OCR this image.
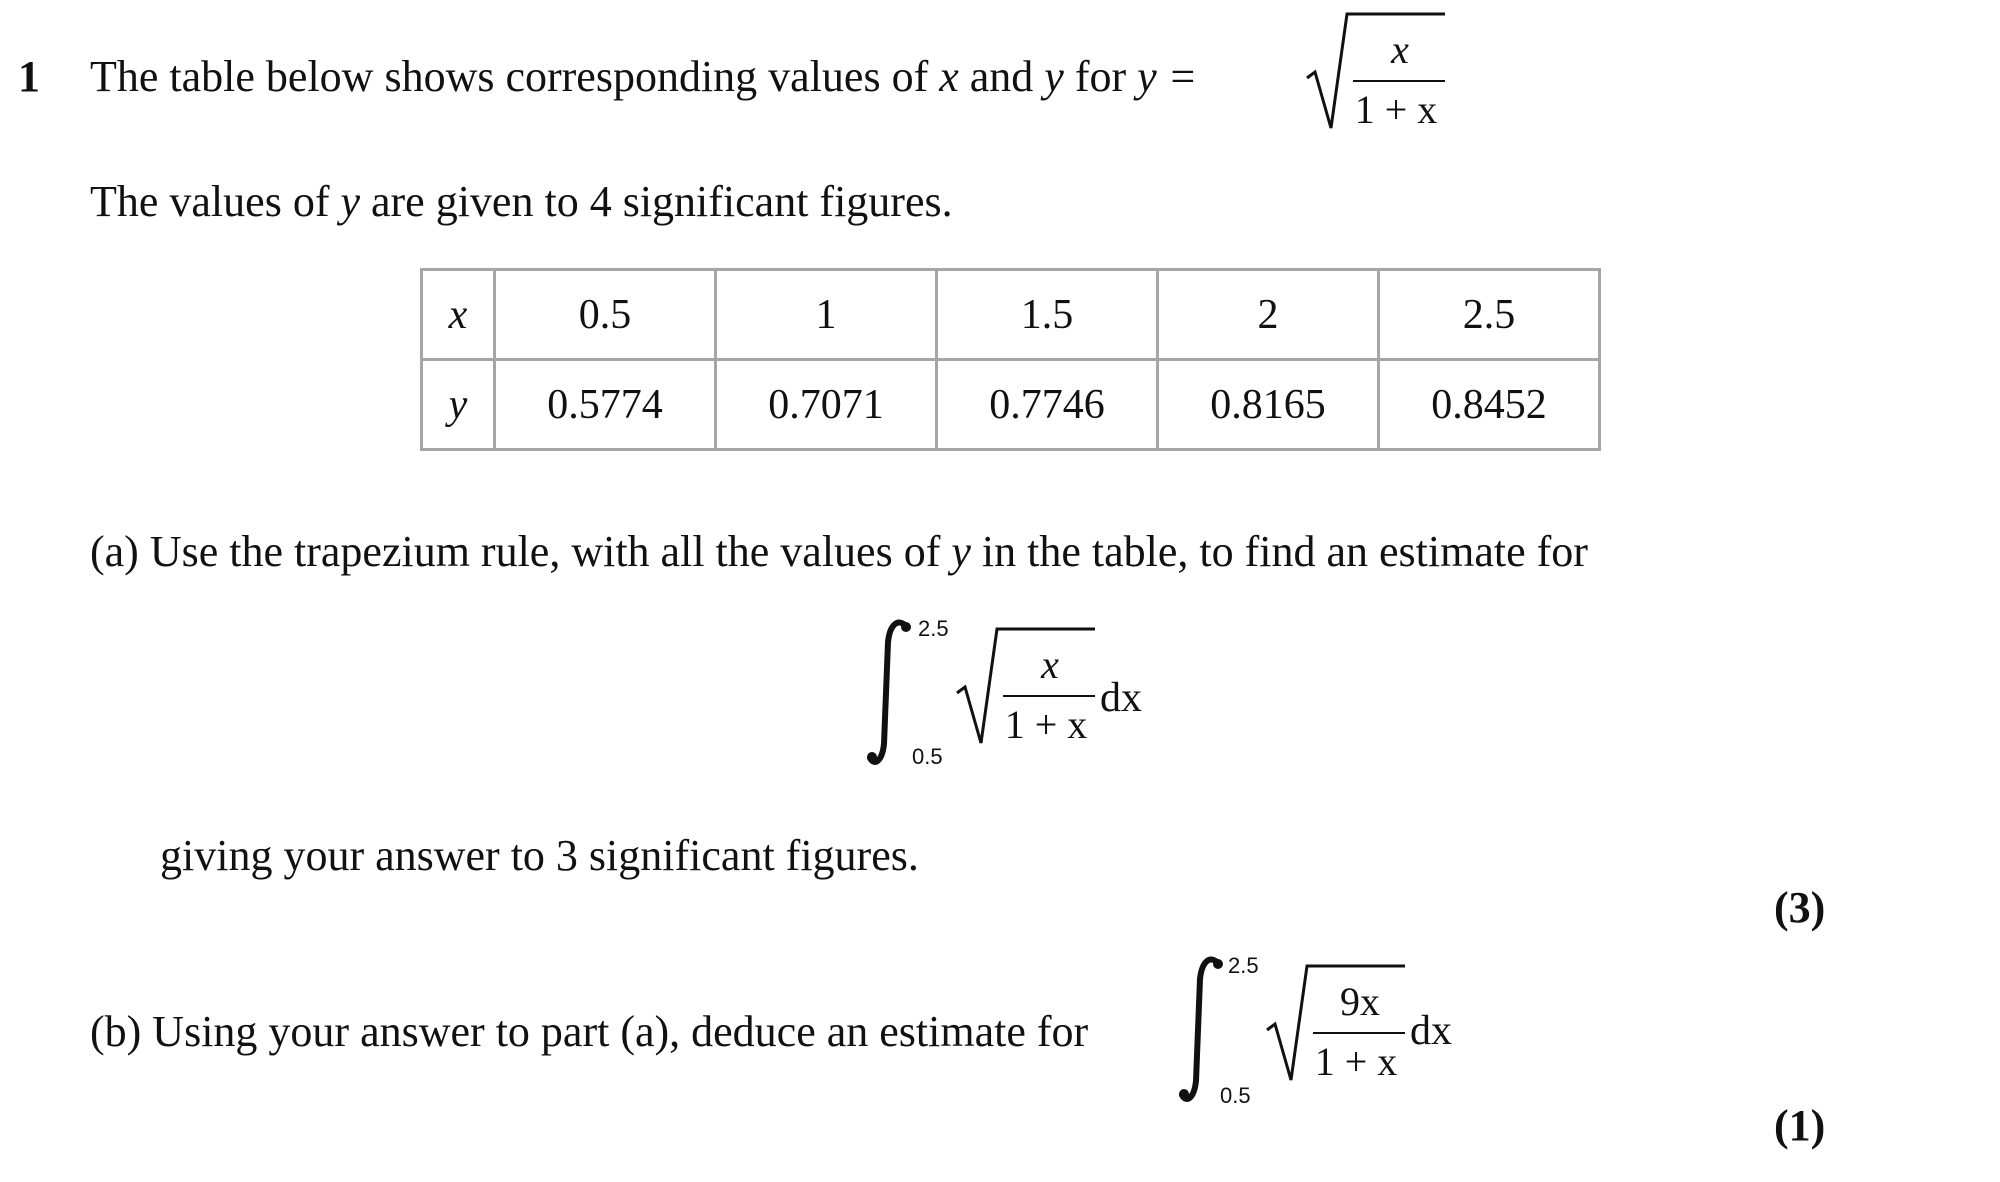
1 The table below shows corresponding values of x and y for y =
x
1 + x
The values of y are given to 4 significant figures.
x	0.5	1	1.5	2	2.5
y	0.5774	0.7071	0.7746	0.8165	0.8452
(a) Use the trapezium rule, with all the values of y in the table, to find an estimate for
2.5
0.5
x
1 + x
dx
giving your answer to 3 significant figures.
(3)
(b) Using your answer to part (a), deduce an estimate for
2.5
0.5
9x
1 + x
dx
(1)
